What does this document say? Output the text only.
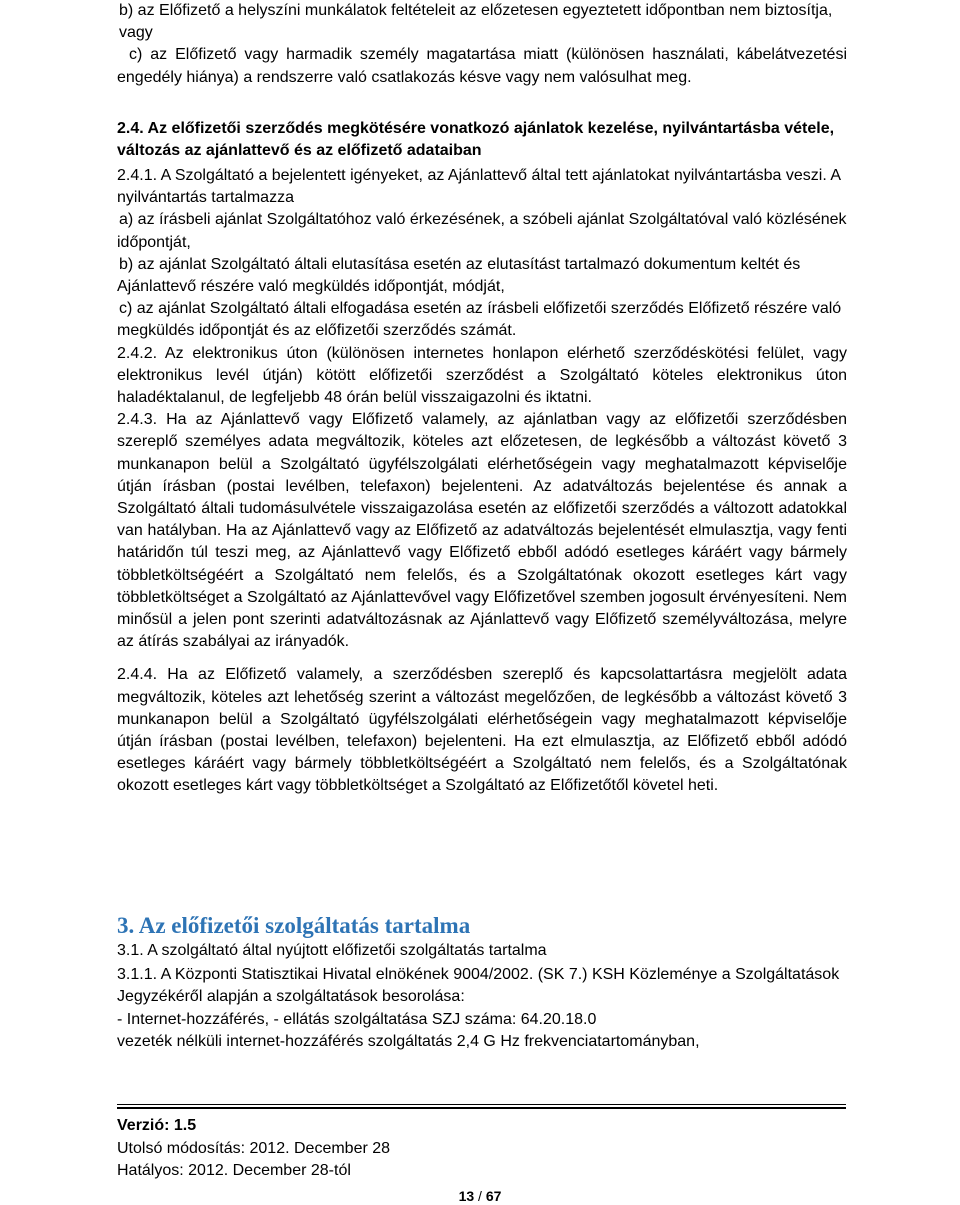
b) az Előfizető a helyszíni munkálatok feltételeit az előzetesen egyeztetett időpontban nem biztosítja, vagy

c) az Előfizető vagy harmadik személy magatartása miatt (különösen használati, kábelátvezetési engedély hiánya) a rendszerre való csatlakozás késve vagy nem valósulhat meg.

2.4. Az előfizetői szerződés megkötésére vonatkozó ajánlatok kezelése, nyilvántartásba vétele, változás az ajánlattevő és az előfizető adataiban

2.4.1. A Szolgáltató a bejelentett igényeket, az Ajánlattevő által tett ajánlatokat nyilvántartásba veszi. A nyilvántartás tartalmazza

a) az írásbeli ajánlat Szolgáltatóhoz való érkezésének, a szóbeli ajánlat Szolgáltatóval való közlésének időpontját,

b) az ajánlat Szolgáltató általi elutasítása esetén az elutasítást tartalmazó dokumentum keltét és Ajánlattevő részére való megküldés időpontját, módját,

c) az ajánlat Szolgáltató általi elfogadása esetén az írásbeli előfizetői szerződés Előfizető részére való megküldés időpontját és az előfizetői szerződés számát.

2.4.2. Az elektronikus úton (különösen internetes honlapon elérhető szerződéskötési felület, vagy elektronikus levél útján) kötött előfizetői szerződést a Szolgáltató köteles elektronikus úton haladéktalanul, de legfeljebb 48 órán belül visszaigazolni és iktatni.

2.4.3. Ha az Ajánlattevő vagy Előfizető valamely, az ajánlatban vagy az előfizetői szerződésben szereplő személyes adata megváltozik, köteles azt előzetesen, de legkésőbb a változást követő 3 munkanapon belül a Szolgáltató ügyfélszolgálati elérhetőségein vagy meghatalmazott képviselője útján írásban (postai levélben, telefaxon) bejelenteni. Az adatváltozás bejelentése és annak a Szolgáltató általi tudomásulvétele visszaigazolása esetén az előfizetői szerződés a változott adatokkal van hatályban. Ha az Ajánlattevő vagy az Előfizető az adatváltozás bejelentését elmulasztja, vagy fenti határidőn túl teszi meg, az Ajánlattevő vagy Előfizető ebből adódó esetleges káráért vagy bármely többletköltségéért a Szolgáltató nem felelős, és a Szolgáltatónak okozott esetleges kárt vagy többletköltséget a Szolgáltató az Ajánlattevővel vagy Előfizetővel szemben jogosult érvényesíteni. Nem minősül a jelen pont szerinti adatváltozásnak az Ajánlattevő vagy Előfizető személyváltozása, melyre az átírás szabályai az irányadók.

2.4.4. Ha az Előfizető valamely, a szerződésben szereplő és kapcsolattartásra megjelölt adata megváltozik, köteles azt lehetőség szerint a változást megelőzően, de legkésőbb a változást követő 3 munkanapon belül a Szolgáltató ügyfélszolgálati elérhetőségein vagy meghatalmazott képviselője útján írásban (postai levélben, telefaxon) bejelenteni. Ha ezt elmulasztja, az Előfizető ebből adódó esetleges káráért vagy bármely többletköltségéért a Szolgáltató nem felelős, és a Szolgáltatónak okozott esetleges kárt vagy többletköltséget a Szolgáltató az Előfizetőtől követel heti.

3. Az előfizetői szolgáltatás tartalma

3.1. A szolgáltató által nyújtott előfizetői szolgáltatás tartalma

3.1.1. A Központi Statisztikai Hivatal elnökének 9004/2002. (SK 7.) KSH Közleménye a Szolgáltatások Jegyzékéről alapján a szolgáltatások besorolása:

- Internet-hozzáférés, - ellátás szolgáltatása SZJ száma: 64.20.18.0

vezeték nélküli internet-hozzáférés szolgáltatás 2,4 G Hz frekvenciatartományban,

Verzió: 1.5
Utolsó módosítás: 2012. December 28
Hatályos: 2012. December 28-tól
13 / 67
